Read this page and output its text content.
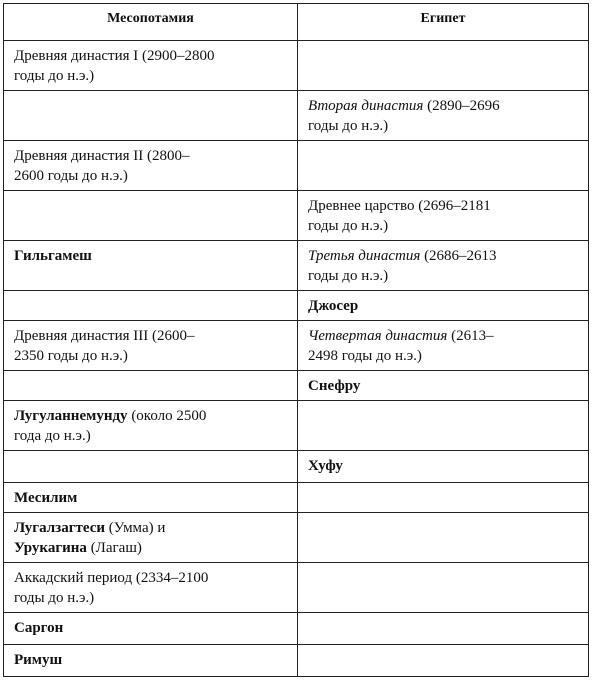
Месопотамия	Египет

Древняя династия I (2900–2800 годы до н.э.)	

	Вторая династия (2890–2696 годы до н.э.)

Древняя династия II (2800–2600 годы до н.э.)	

	Древнее царство (2696–2181 годы до н.э.)

Гильгамеш	Третья династия (2686–2613 годы до н.э.)

	Джосер

Древняя династия III (2600–2350 годы до н.э.)	Четвертая династия (2613–2498 годы до н.э.)

	Снефру

Лугуланнемунду (около 2500 года до н.э.)	

	Хуфу

Месилим	

Лугалзагтеси (Умма) и Урукагина (Лагаш)	

Аккадский период (2334–2100 годы до н.э.)	

Саргон	

Римуш	
